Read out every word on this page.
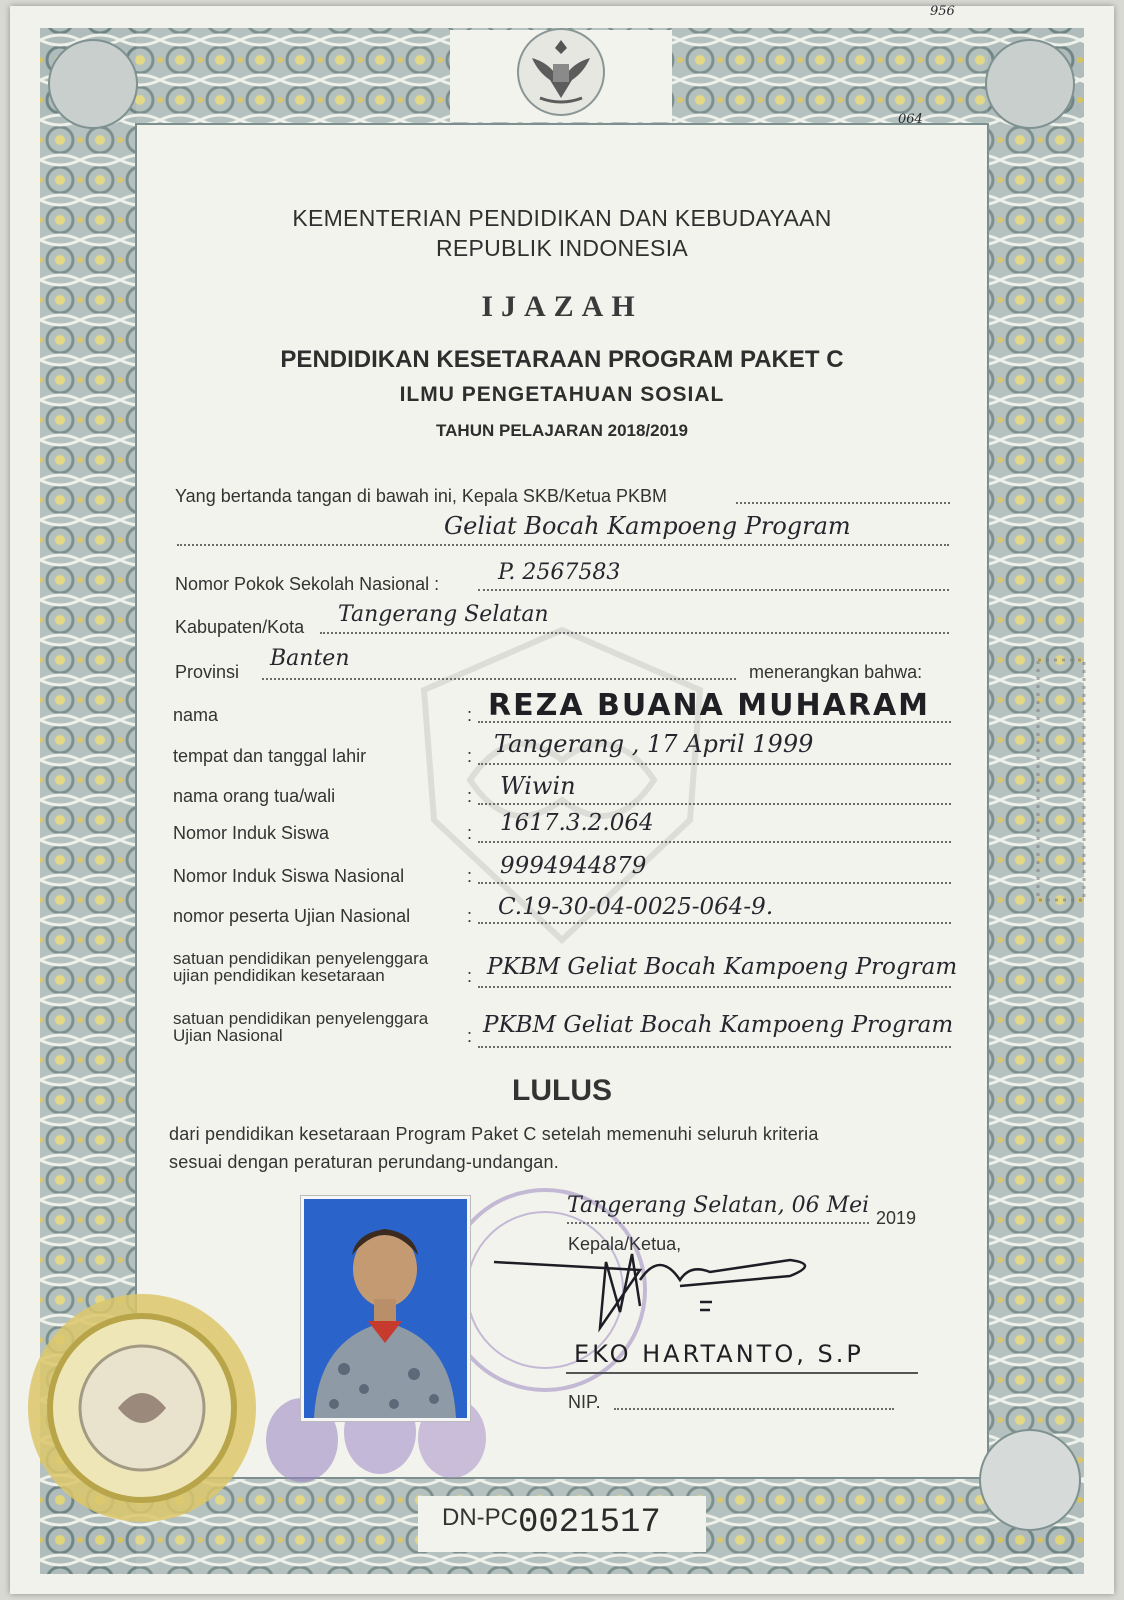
956
064
KEMENTERIAN PENDIDIKAN DAN KEBUDAYAAN
REPUBLIK INDONESIA
IJAZAH
PENDIDIKAN KESETARAAN PROGRAM PAKET C
ILMU PENGETAHUAN SOSIAL
TAHUN PELAJARAN 2018/2019
Yang bertanda tangan di bawah ini, Kepala SKB/Ketua PKBM
Geliat Bocah Kampoeng Program
Nomor Pokok Sekolah Nasional :	P. 2567583
Kabupaten/Kota Tangerang Selatan
Provinsi
Banten
menerangkan bahwa:
nama	: REZA BUANA MUHARAM
tempat dan tanggal lahir	: Tangerang , 17 April 1999
nama orang tua/wali	: Wiwin
Nomor Induk Siswa	: 1617.3.2.064
Nomor Induk Siswa Nasional	: 9994944879
nomor peserta Ujian Nasional	: C.19-30-04-0025-064-9.
satuan pendidikan penyelenggara
ujian pendidikan kesetaraan	: PKBM Geliat Bocah Kampoeng Program
satuan pendidikan penyelenggara
Ujian Nasional	: PKBM Geliat Bocah Kampoeng Program
LULUS
dari pendidikan kesetaraan Program Paket C setelah memenuhi seluruh kriteria
sesuai dengan peraturan perundang-undangan.
Tangerang Selatan, 06 Mei 2019
Kepala/Ketua,
EKO HARTANTO, S.P
NIP.
DN-PC0021517
